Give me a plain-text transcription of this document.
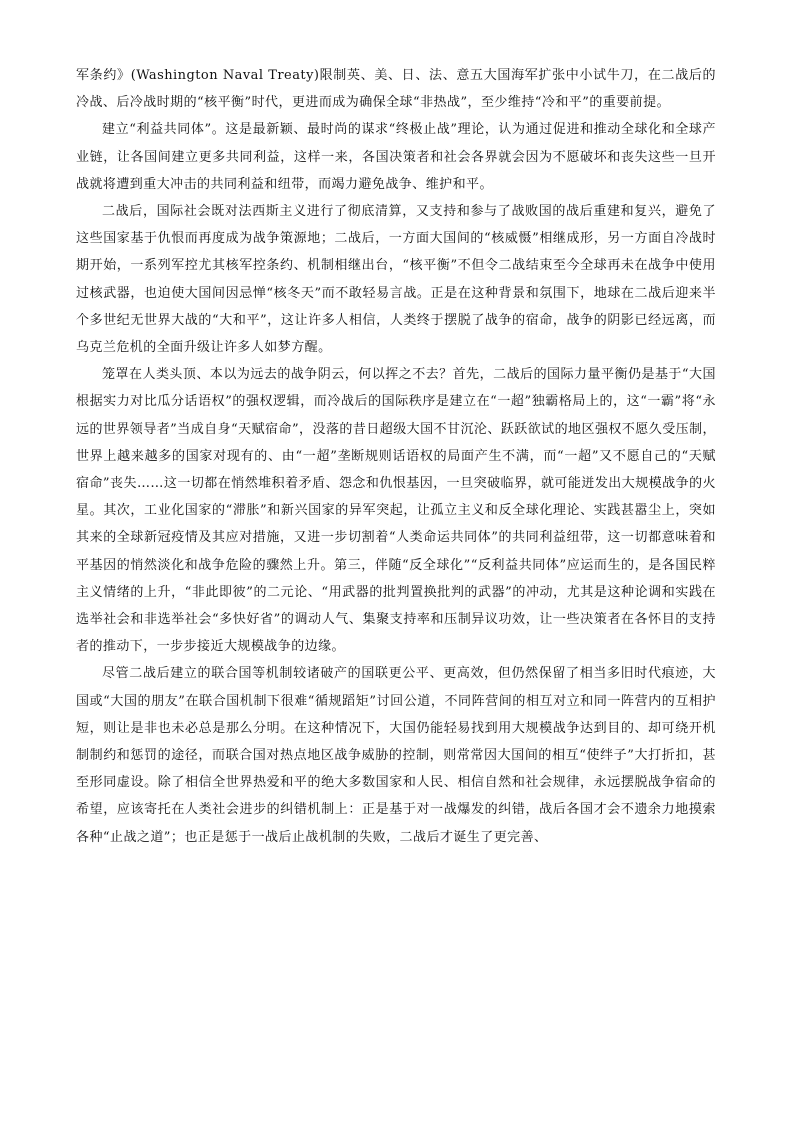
军条约》(Washington Naval Treaty)限制英、美、日、法、意五大国海军扩张中小试牛刀，在二战后的冷战、后冷战时期的“核平衡”时代，更进而成为确保全球“非热战”，至少维持“冷和平”的重要前提。

建立“利益共同体”。这是最新颖、最时尚的谋求“终极止战”理论，认为通过促进和推动全球化和全球产业链，让各国间建立更多共同利益，这样一来，各国决策者和社会各界就会因为不愿破坏和丧失这些一旦开战就将遭到重大冲击的共同利益和纽带，而竭力避免战争、维护和平。

二战后，国际社会既对法西斯主义进行了彻底清算，又支持和参与了战败国的战后重建和复兴，避免了这些国家基于仇恨而再度成为战争策源地；二战后，一方面大国间的“核威慑”相继成形，另一方面自冷战时期开始，一系列军控尤其核军控条约、机制相继出台，“核平衡”不但令二战结束至今全球再未在战争中使用过核武器，也迫使大国间因忌惮“核冬天”而不敢轻易言战。正是在这种背景和氛围下，地球在二战后迎来半个多世纪无世界大战的“大和平”，这让许多人相信，人类终于摆脱了战争的宿命，战争的阴影已经远离，而乌克兰危机的全面升级让许多人如梦方醒。

笼罩在人类头顶、本以为远去的战争阴云，何以挥之不去？首先，二战后的国际力量平衡仍是基于“大国根据实力对比瓜分话语权”的强权逻辑，而冷战后的国际秩序是建立在“一超”独霸格局上的，这“一霸”将“永远的世界领导者”当成自身“天赋宿命”，没落的昔日超级大国不甘沉沦、跃跃欲试的地区强权不愿久受压制，世界上越来越多的国家对现有的、由“一超”垄断规则话语权的局面产生不满，而“一超”又不愿自己的“天赋宿命”丧失……这一切都在悄然堆积着矛盾、怨念和仇恨基因，一旦突破临界，就可能迸发出大规模战争的火星。其次，工业化国家的“滞胀”和新兴国家的异军突起，让孤立主义和反全球化理论、实践甚嚣尘上，突如其来的全球新冠疫情及其应对措施，又进一步切割着“人类命运共同体”的共同利益纽带，这一切都意味着和平基因的悄然淡化和战争危险的骤然上升。第三，伴随“反全球化”“反利益共同体”应运而生的，是各国民粹主义情绪的上升，“非此即彼”的二元论、“用武器的批判置换批判的武器”的冲动，尤其是这种论调和实践在选举社会和非选举社会“多快好省”的调动人气、集聚支持率和压制异议功效，让一些决策者在各怀目的支持者的推动下，一步步接近大规模战争的边缘。

尽管二战后建立的联合国等机制较诸破产的国联更公平、更高效，但仍然保留了相当多旧时代痕迹，大国或“大国的朋友”在联合国机制下很难“循规蹈矩”讨回公道，不同阵营间的相互对立和同一阵营内的互相护短，则让是非也未必总是那么分明。在这种情况下，大国仍能轻易找到用大规模战争达到目的、却可绕开机制制约和惩罚的途径，而联合国对热点地区战争威胁的控制，则常常因大国间的相互“使绊子”大打折扣，甚至形同虚设。除了相信全世界热爱和平的绝大多数国家和人民、相信自然和社会规律，永远摆脱战争宿命的希望，应该寄托在人类社会进步的纠错机制上：正是基于对一战爆发的纠错，战后各国才会不遗余力地摸索各种“止战之道”；也正是惩于一战后止战机制的失败，二战后才诞生了更完善、
